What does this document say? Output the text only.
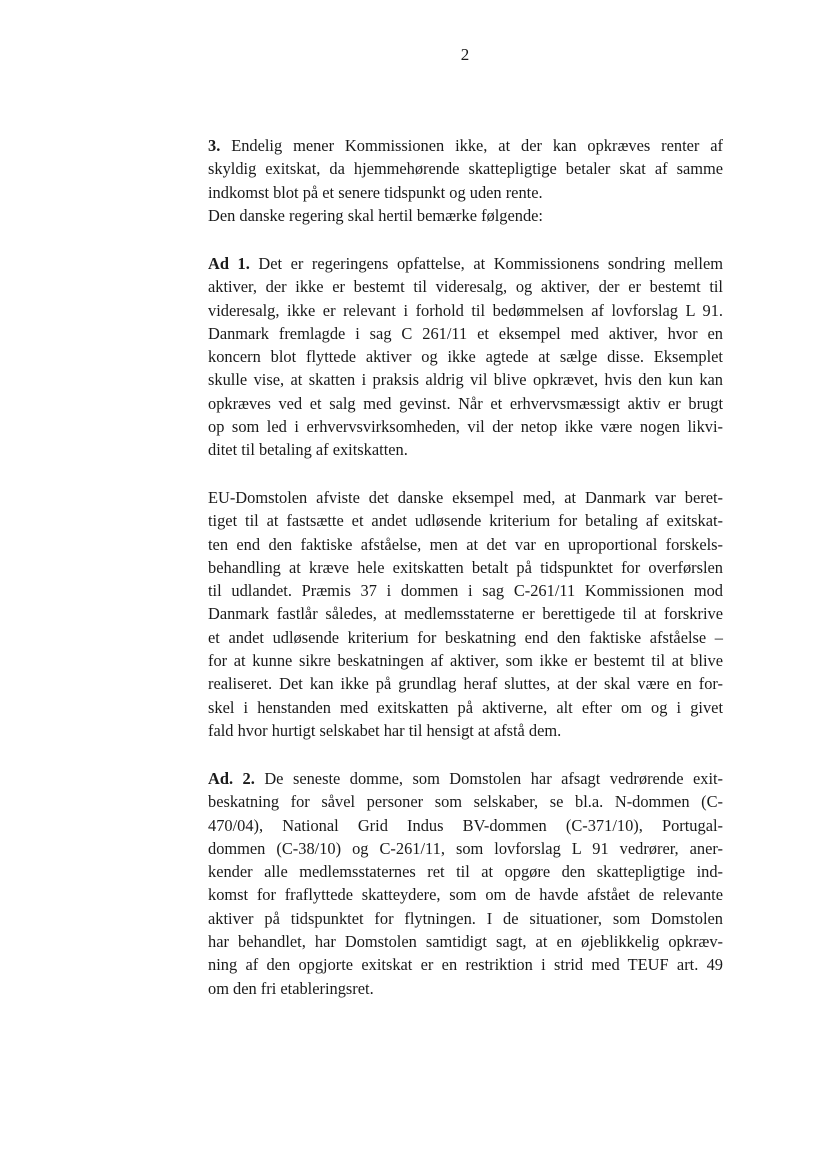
2
3. Endelig mener Kommissionen ikke, at der kan opkræves renter af
skyldig exitskat, da hjemmehørende skattepligtige betaler skat af samme
indkomst blot på et senere tidspunkt og uden rente.
Den danske regering skal hertil bemærke følgende:
Ad 1. Det er regeringens opfattelse, at Kommissionens sondring mellem
aktiver, der ikke er bestemt til videresalg, og aktiver, der er bestemt til
videresalg, ikke er relevant i forhold til bedømmelsen af lovforslag L 91.
Danmark fremlagde i sag C 261/11 et eksempel med aktiver, hvor en
koncern blot flyttede aktiver og ikke agtede at sælge disse. Eksemplet
skulle vise, at skatten i praksis aldrig vil blive opkrævet, hvis den kun kan
opkræves ved et salg med gevinst. Når et erhvervsmæssigt aktiv er brugt
op som led i erhvervsvirksomheden, vil der netop ikke være nogen likvi-
ditet til betaling af exitskatten.
EU-Domstolen afviste det danske eksempel med, at Danmark var beret-
tiget til at fastsætte et andet udløsende kriterium for betaling af exitskat-
ten end den faktiske afståelse, men at det var en uproportional forskels-
behandling at kræve hele exitskatten betalt på tidspunktet for overførslen
til udlandet. Præmis 37 i dommen i sag C-261/11 Kommissionen mod
Danmark fastlår således, at medlemsstaterne er berettigede til at forskrive
et andet udløsende kriterium for beskatning end den faktiske afståelse –
for at kunne sikre beskatningen af aktiver, som ikke er bestemt til at blive
realiseret. Det kan ikke på grundlag heraf sluttes, at der skal være en for-
skel i henstanden med exitskatten på aktiverne, alt efter om og i givet
fald hvor hurtigt selskabet har til hensigt at afstå dem.
Ad. 2. De seneste domme, som Domstolen har afsagt vedrørende exit-
beskatning for såvel personer som selskaber, se bl.a. N-dommen (C-
470/04), National Grid Indus BV-dommen (C-371/10), Portugal-
dommen (C-38/10) og C-261/11, som lovforslag L 91 vedrører, aner-
kender alle medlemsstaternes ret til at opgøre den skattepligtige ind-
komst for fraflyttede skatteydere, som om de havde afstået de relevante
aktiver på tidspunktet for flytningen. I de situationer, som Domstolen
har behandlet, har Domstolen samtidigt sagt, at en øjeblikkelig opkræv-
ning af den opgjorte exitskat er en restriktion i strid med TEUF art. 49
om den fri etableringsret.
